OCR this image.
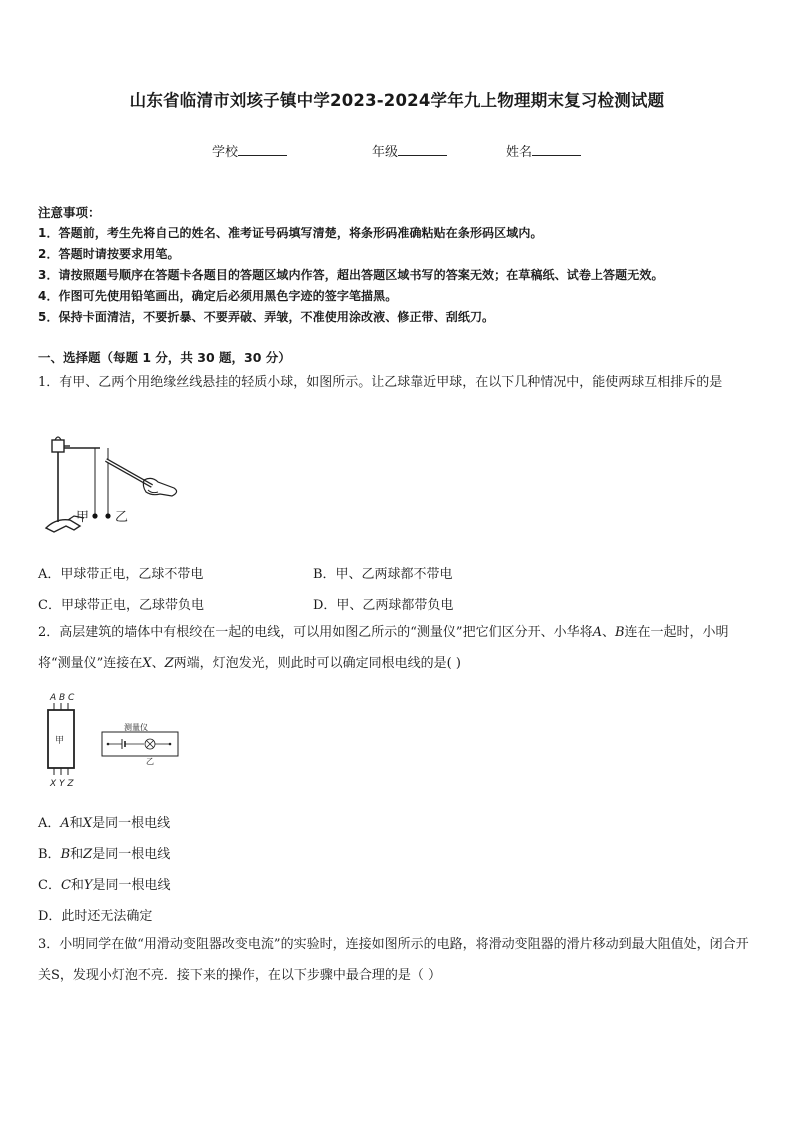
山东省临清市刘垓子镇中学2023-2024学年九上物理期末复习检测试题
学校	年级	姓名
注意事项：
1．答题前，考生先将自己的姓名、准考证号码填写清楚，将条形码准确粘贴在条形码区域内。
2．答题时请按要求用笔。
3．请按照题号顺序在答题卡各题目的答题区域内作答，超出答题区域书写的答案无效；在草稿纸、试卷上答题无效。
4．作图可先使用铅笔画出，确定后必须用黑色字迹的签字笔描黑。
5．保持卡面清洁，不要折暴、不要弄破、弄皱，不准使用涂改液、修正带、刮纸刀。
一、选择题（每题 1 分，共 30 题，30 分）
1．有甲、乙两个用绝缘丝线悬挂的轻质小球，如图所示。让乙球靠近甲球，在以下几种情况中，能使两球互相排斥的是
甲 乙
A．甲球带正电，乙球不带电	B．甲、乙两球都不带电
C．甲球带正电，乙球带负电	D．甲、乙两球都带负电
2．高层建筑的墙体中有根绞在一起的电线，可以用如图乙所示的“测量仪”把它们区分开、小华将A、B连在一起时，小明将“测量仪”连接在X、Z两端，灯泡发光，则此时可以确定同根电线的是( )
A B C
甲
X Y Z
测量仪
乙
A．A和X是同一根电线
B．B和Z是同一根电线
C．C和Y是同一根电线
D．此时还无法确定
3．小明同学在做“用滑动变阻器改变电流”的实验时，连接如图所示的电路，将滑动变阻器的滑片移动到最大阻值处，闭合开关S，发现小灯泡不亮．接下来的操作，在以下步骤中最合理的是（ ）
